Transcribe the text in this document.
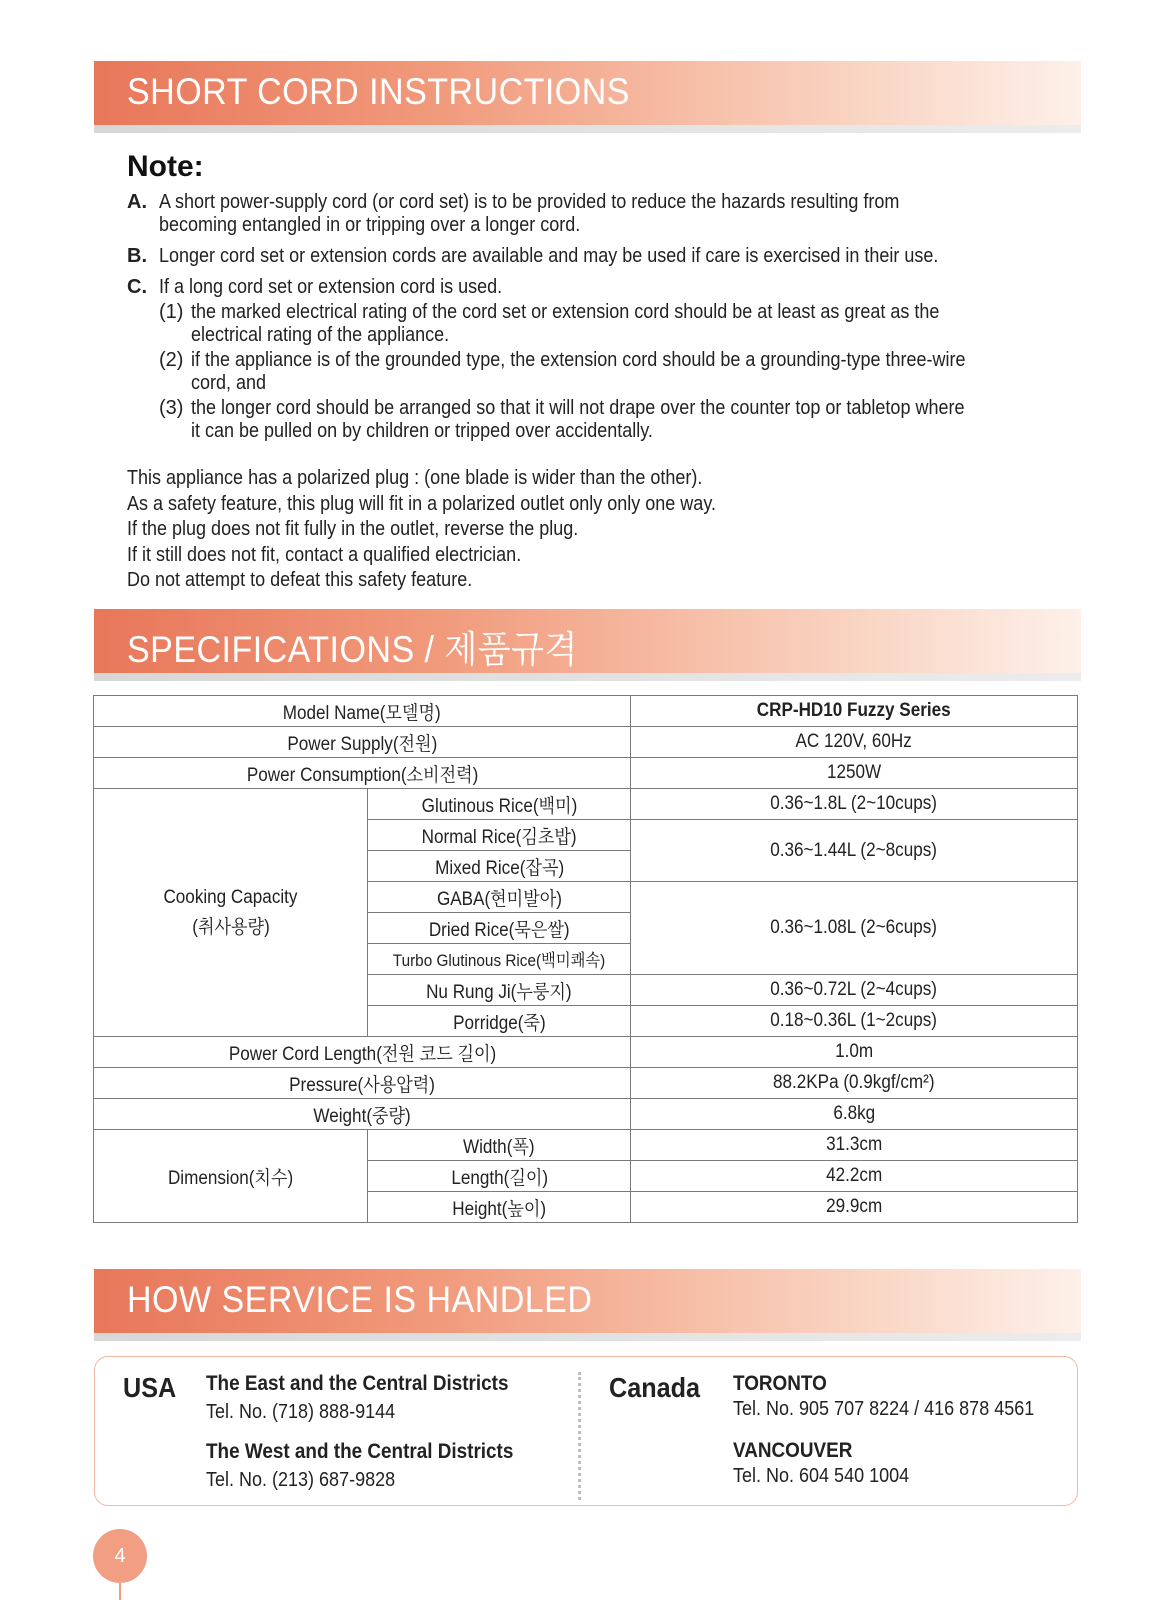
SHORT CORD INSTRUCTIONS
Note:
A. A short power-supply cord (or cord set) is to be provided to reduce the hazards resulting from
becoming entangled in or tripping over a longer cord.
B. Longer cord set or extension cords are available and may be used if care is exercised in their use.
C. If a long cord set or extension cord is used.
(1) the marked electrical rating of the cord set or extension cord should be at least as great as the
electrical rating of the appliance.
(2) if the appliance is of the grounded type, the extension cord should be a grounding-type three-wire
cord, and
(3) the longer cord should be arranged so that it will not drape over the counter top or tabletop where
it can be pulled on by children or tripped over accidentally.
This appliance has a polarized plug : (one blade is wider than the other).
As a safety feature, this plug will fit in a polarized outlet only only one way.
If the plug does not fit fully in the outlet, reverse the plug.
If it still does not fit, contact a qualified electrician.
Do not attempt to defeat this safety feature.
SPECIFICATIONS / 제품규격
Model Name(모델명)		CRP-HD10 Fuzzy Series
Power Supply(전원)		AC 120V, 60Hz
Power Consumption(소비전력)		1250W

Cooking Capacity
(취사용량)	Glutinous Rice(백미)	0.36~1.8L (2~10cups)
	Normal Rice(김초밥)	0.36~1.44L (2~8cups)
	Mixed Rice(잡곡)	
	GABA(현미발아)	0.36~1.08L (2~6cups)
	Dried Rice(묵은쌀)	
	Turbo Glutinous Rice(백미쾌속)	
	Nu Rung Ji(누룽지)	0.36~0.72L (2~4cups)
	Porridge(죽)	0.18~0.36L (1~2cups)
Power Cord Length(전원 코드 길이)		1.0m
Pressure(사용압력)		88.2KPa (0.9kgf/cm²)
Weight(중량)		6.8kg
Dimension(치수)	Width(폭)	31.3cm
	Length(길이)	42.2cm
	Height(높이)	29.9cm
HOW SERVICE IS HANDLED
USA The East and the Central Districts
Tel. No. (718) 888-9144
The West and the Central Districts
Tel. No. (213) 687-9828
Canada	TORONTO
Tel. No. 905 707 8224 / 416 878 4561
VANCOUVER
Tel. No. 604 540 1004
4
